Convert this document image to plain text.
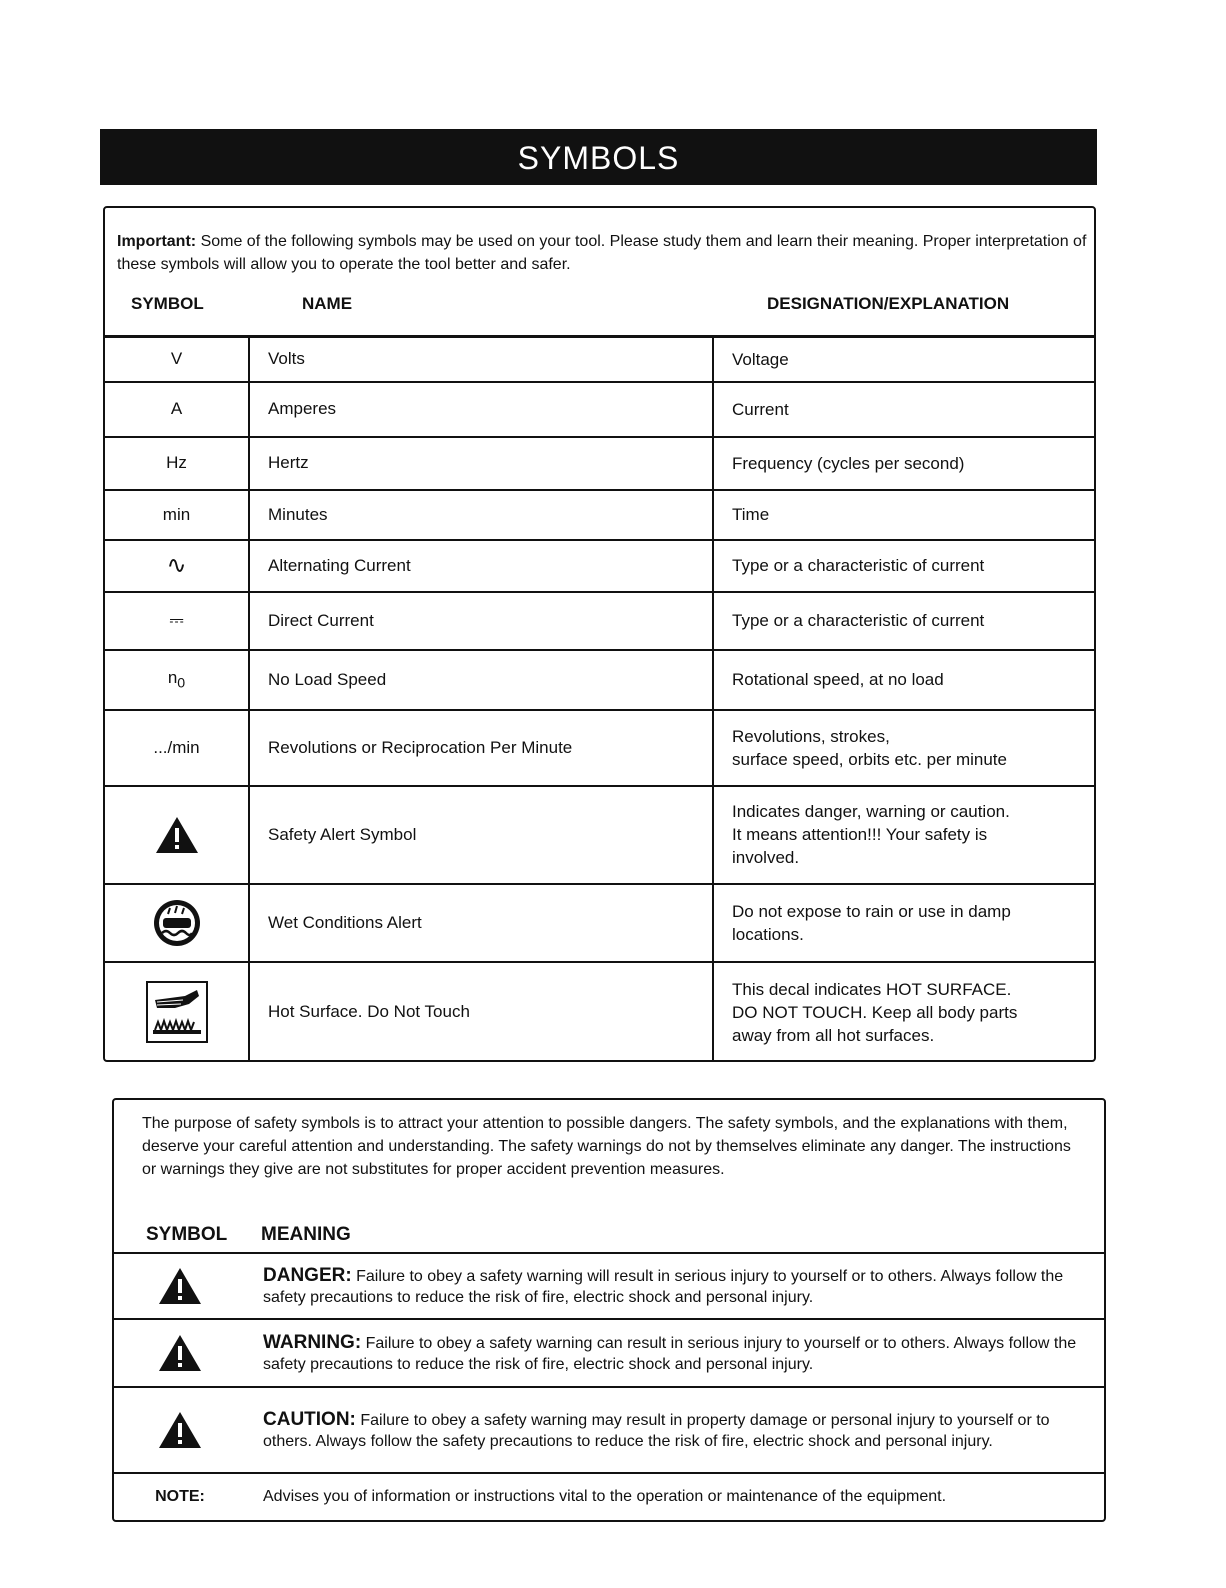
SYMBOLS
Important: Some of the following symbols may be used on your tool. Please study them and learn their meaning. Proper interpretation of these symbols will allow you to operate the tool better and safer.
SYMBOL	NAME	DESIGNATION/EXPLANATION
V	Volts	Voltage
A	Amperes	Current
Hz	Hertz	Frequency (cycles per second)
min	Minutes	Time
∿	Alternating Current	Type or a characteristic of current
⎓	Direct Current	Type or a characteristic of current
$n_0$	No Load Speed	Rotational speed, at no load
.../min	Revolutions or Reciprocation Per Minute	Revolutions, strokes,
surface speed, orbits etc. per minute

	Safety Alert Symbol	Indicates danger, warning or caution.
It means attention!!! Your safety is
involved.

	Wet Conditions Alert	Do not expose to rain or use in damp
locations.

	Hot Surface. Do Not Touch	This decal indicates HOT SURFACE.
DO NOT TOUCH. Keep all body parts
away from all hot surfaces.
The purpose of safety symbols is to attract your attention to possible dangers. The safety symbols, and the explanations with them, deserve your careful attention and understanding. The safety warnings do not by themselves eliminate any danger. The instructions or warnings they give are not substitutes for proper accident prevention measures.
SYMBOL MEANING
	DANGER: Failure to obey a safety warning will result in serious injury to yourself or to others. Always follow the safety precautions to reduce the risk of fire, electric shock and personal injury.
	WARNING: Failure to obey a safety warning can result in serious injury to yourself or to others. Always follow the safety precautions to reduce the risk of fire, electric shock and personal injury.
	CAUTION: Failure to obey a safety warning may result in property damage or personal injury to yourself or to others. Always follow the safety precautions to reduce the risk of fire, electric shock and personal injury.
NOTE:	Advises you of information or instructions vital to the operation or maintenance of the equipment.
